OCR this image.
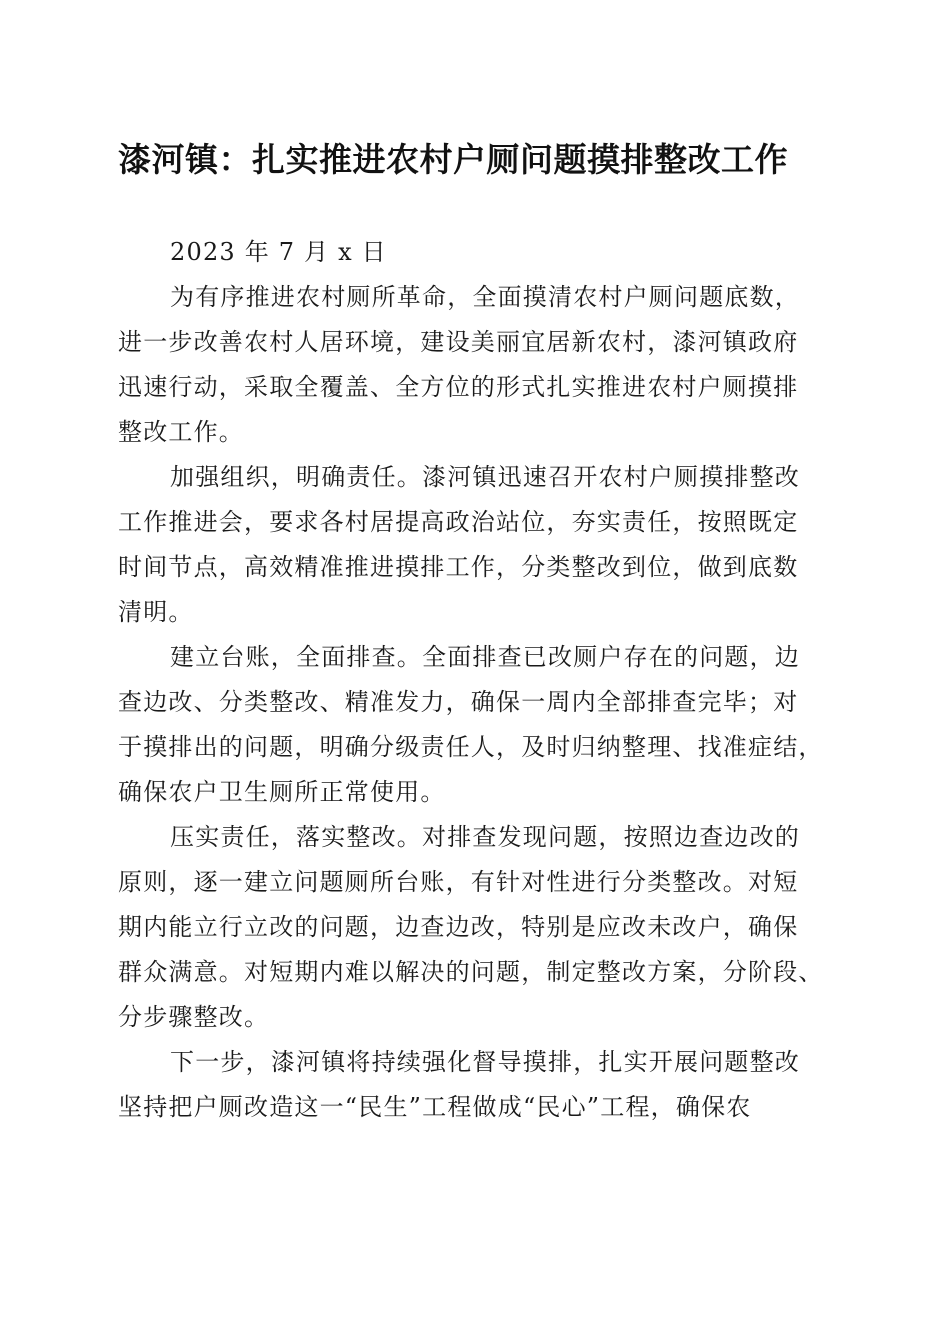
漆河镇：扎实推进农村户厕问题摸排整改工作
2023 年 7 月 x 日
为有序推进农村厕所革命，全面摸清农村户厕问题底数，
进一步改善农村人居环境，建设美丽宜居新农村，漆河镇政府
迅速行动，采取全覆盖、全方位的形式扎实推进农村户厕摸排
整改工作。
加强组织，明确责任。漆河镇迅速召开农村户厕摸排整改
工作推进会，要求各村居提高政治站位，夯实责任，按照既定
时间节点，高效精准推进摸排工作，分类整改到位，做到底数
清明。
建立台账，全面排查。全面排查已改厕户存在的问题，边
查边改、分类整改、精准发力，确保一周内全部排查完毕；对
于摸排出的问题，明确分级责任人，及时归纳整理、找准症结，
确保农户卫生厕所正常使用。
压实责任，落实整改。对排查发现问题，按照边查边改的
原则，逐一建立问题厕所台账，有针对性进行分类整改。对短
期内能立行立改的问题，边查边改，特别是应改未改户，确保
群众满意。对短期内难以解决的问题，制定整改方案，分阶段、
分步骤整改。
下一步，漆河镇将持续强化督导摸排，扎实开展问题整改
坚持把户厕改造这一“民生”工程做成“民心”工程，确保农
